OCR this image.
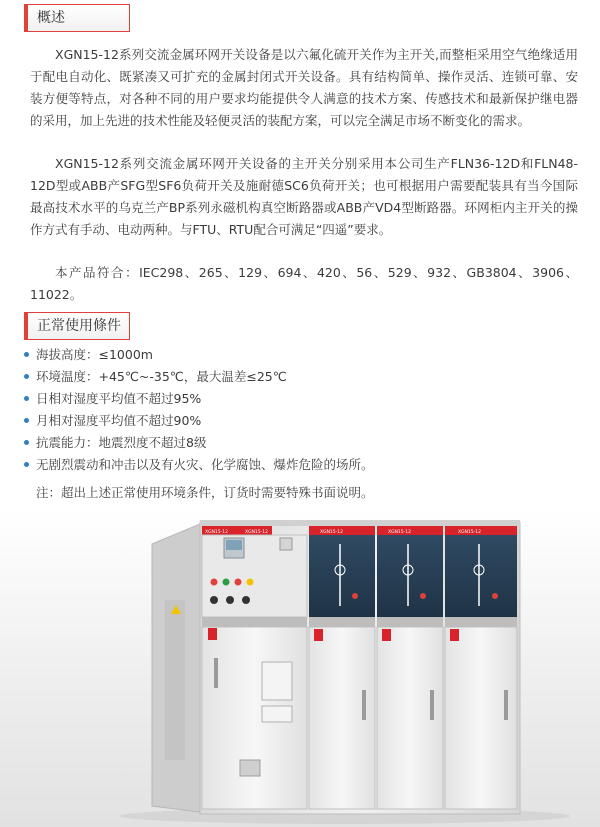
概述

XGN15-12系列交流金属环网开关设备是以六氟化硫开关作为主开关,而整柜采用空气绝缘适用于配电自动化、既紧凑又可扩充的金属封闭式开关设备。具有结构简单、操作灵活、连锁可靠、安装方便等特点，对各种不同的用户要求均能提供令人满意的技术方案、传感技术和最新保护继电器的采用，加上先进的技术性能及轻便灵活的装配方案，可以完全满足市场不断变化的需求。

XGN15-12系列交流金属环网开关设备的主开关分别采用本公司生产FLN36-12D和FLN48-12D型或ABB产SFG型SF6负荷开关及施耐德SC6负荷开关；也可根据用户需要配装具有当今国际最高技术水平的乌克兰产BP系列永磁机构真空断路器或ABB产VD4型断路器。环网柜内主开关的操作方式有手动、电动两种。与FTU、RTU配合可满足“四遥”要求。

本产品符合：IEC298、265、129、694、420、56、529、932、GB3804、3906、11022。

正常使用條件
海拔高度：≤1000m
环境温度：+45℃~-35℃，最大温差≤25℃
日相对湿度平均值不超过95%
月相对湿度平均值不超过90%
抗震能力：地震烈度不超过8级
无剧烈震动和冲击以及有火灾、化学腐蚀、爆炸危险的场所。

注：超出上述正常使用环境条件，订货时需要特殊书面说明。

XGN15-12	XGN15-12	XGN15-12	XGN15-12	XGN15-12
